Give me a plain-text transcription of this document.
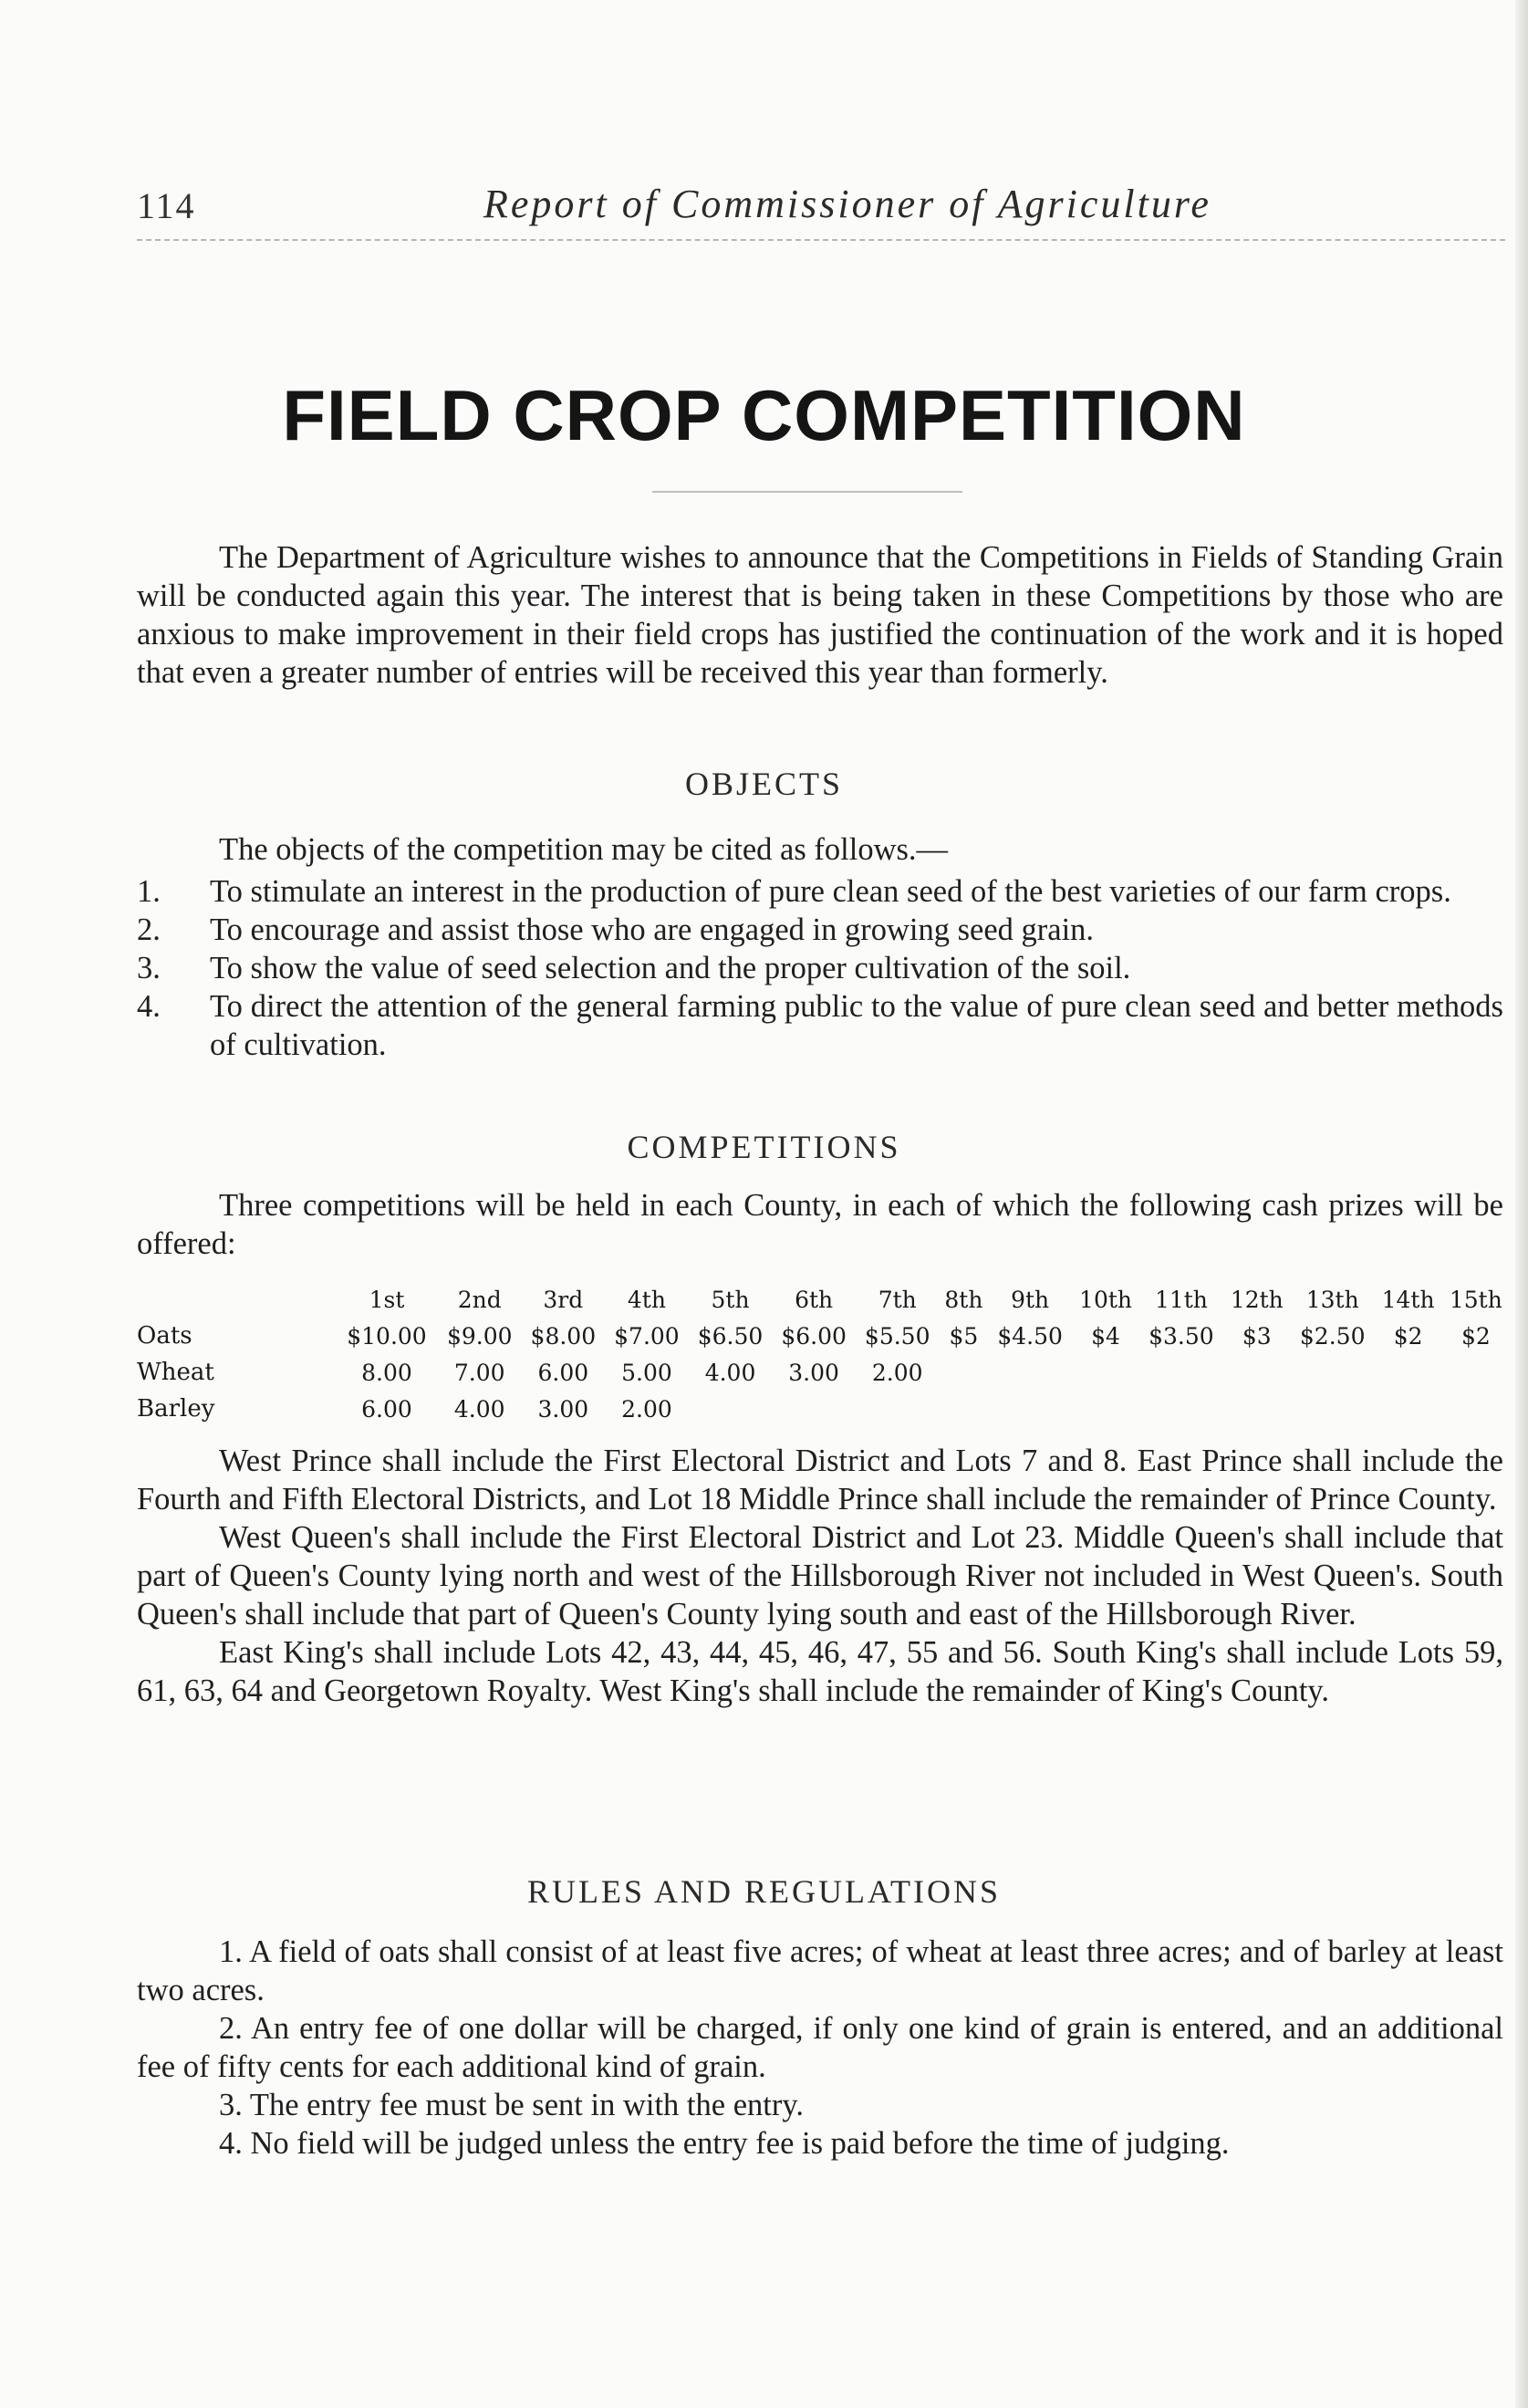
114	Report of Commissioner of Agriculture
FIELD CROP COMPETITION

The Department of Agriculture wishes to announce that the Competitions in Fields of Standing Grain will be conducted again this year. The interest that is being taken in these Competitions by those who are anxious to make improvement in their field crops has justified the continuation of the work and it is hoped that even a greater number of entries will be received this year than formerly.

OBJECTS
The objects of the competition may be cited as follows.—
1. To stimulate an interest in the production of pure clean seed of the best varieties of our farm crops.
2. To encourage and assist those who are engaged in growing seed grain.
3. To show the value of seed selection and the proper cultivation of the soil.
4. To direct the attention of the general farming public to the value of pure clean seed and better methods of cultivation.
COMPETITIONS

Three competitions will be held in each County, in each of which the following cash prizes will be offered:

	1st	2nd	3rd	4th	5th	6th	7th	8th	9th	10th	11th	12th	13th	14th	15th
Oats	$10.00	$9.00	$8.00	$7.00	$6.50	$6.00	$5.50	$5	$4.50	$4	$3.50	$3	$2.50	$2	$2
Wheat	8.00	7.00	6.00	5.00	4.00	3.00	2.00								
Barley	6.00	4.00	3.00	2.00											

West Prince shall include the First Electoral District and Lots 7 and 8. East Prince shall include the Fourth and Fifth Electoral Districts, and Lot 18 Middle Prince shall include the remainder of Prince County.

West Queen's shall include the First Electoral District and Lot 23. Middle Queen's shall include that part of Queen's County lying north and west of the Hillsborough River not included in West Queen's. South Queen's shall include that part of Queen's County lying south and east of the Hillsborough River.

East King's shall include Lots 42, 43, 44, 45, 46, 47, 55 and 56. South King's shall include Lots 59, 61, 63, 64 and Georgetown Royalty. West King's shall include the remainder of King's County.

RULES AND REGULATIONS

1. A field of oats shall consist of at least five acres; of wheat at least three acres; and of barley at least two acres.

2. An entry fee of one dollar will be charged, if only one kind of grain is entered, and an additional fee of fifty cents for each additional kind of grain.

3. The entry fee must be sent in with the entry.

4. No field will be judged unless the entry fee is paid before the time of judging.
